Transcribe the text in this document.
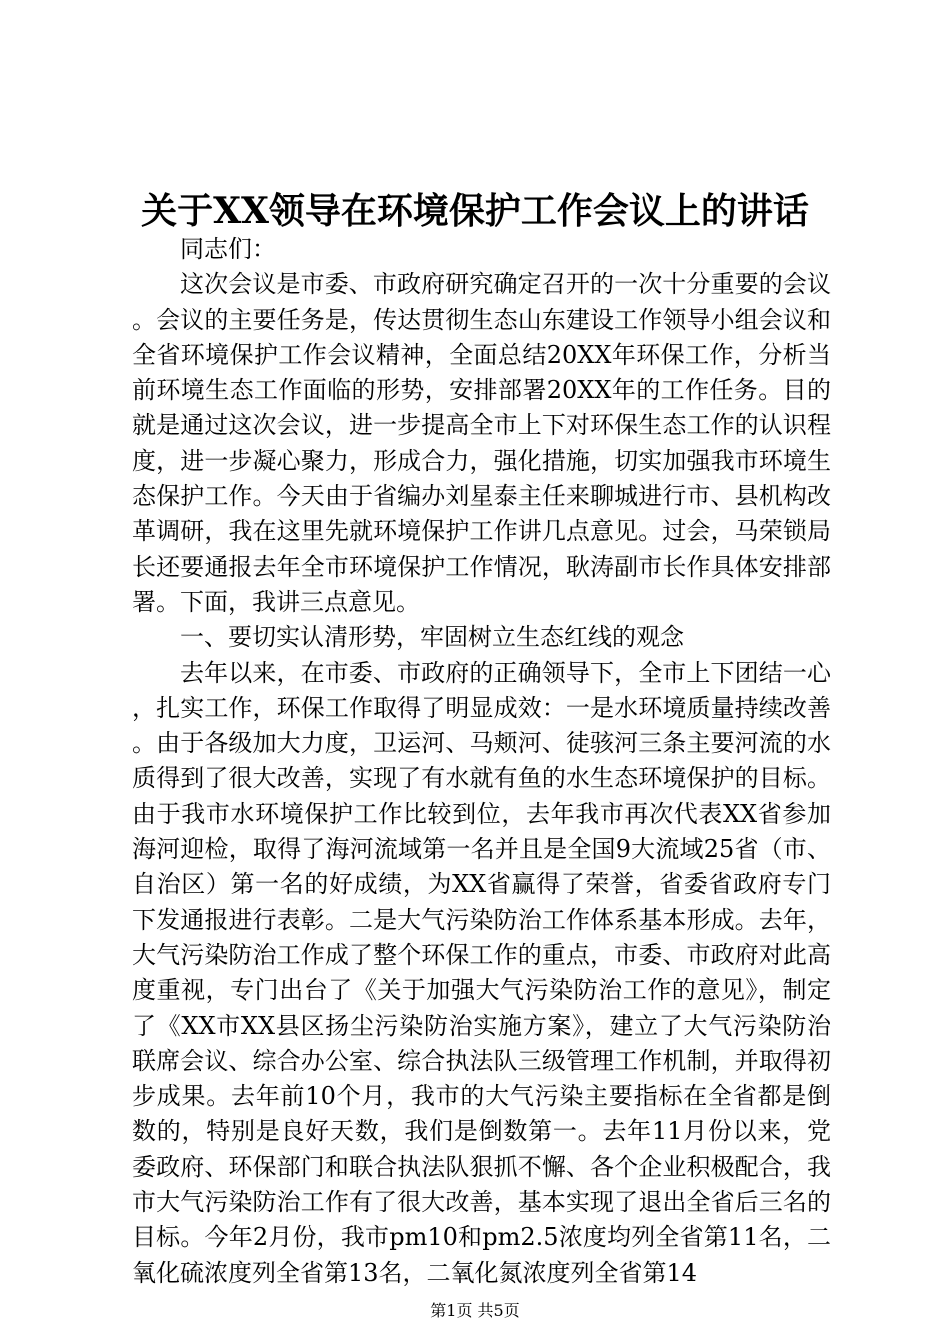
关于XX领导在环境保护工作会议上的讲话

同志们：

这次会议是市委、市政府研究确定召开的一次十分重要的会议。会议的主要任务是，传达贯彻生态山东建设工作领导小组会议和全省环境保护工作会议精神，全面总结20XX年环保工作，分析当前环境生态工作面临的形势，安排部署20XX年的工作任务。目的就是通过这次会议，进一步提高全市上下对环保生态工作的认识程度，进一步凝心聚力，形成合力，强化措施，切实加强我市环境生态保护工作。今天由于省编办刘星泰主任来聊城进行市、县机构改革调研，我在这里先就环境保护工作讲几点意见。过会，马荣锁局长还要通报去年全市环境保护工作情况，耿涛副市长作具体安排部署。下面，我讲三点意见。

一、要切实认清形势，牢固树立生态红线的观念

去年以来，在市委、市政府的正确领导下，全市上下团结一心，扎实工作，环保工作取得了明显成效：一是水环境质量持续改善。由于各级加大力度，卫运河、马颊河、徒骇河三条主要河流的水质得到了很大改善，实现了有水就有鱼的水生态环境保护的目标。由于我市水环境保护工作比较到位，去年我市再次代表XX省参加海河迎检，取得了海河流域第一名并且是全国9大流域25省（市、自治区）第一名的好成绩，为XX省赢得了荣誉，省委省政府专门下发通报进行表彰。二是大气污染防治工作体系基本形成。去年，大气污染防治工作成了整个环保工作的重点，市委、市政府对此高度重视，专门出台了《关于加强大气污染防治工作的意见》，制定了《XX市XX县区扬尘污染防治实施方案》，建立了大气污染防治联席会议、综合办公室、综合执法队三级管理工作机制，并取得初步成果。去年前10个月，我市的大气污染主要指标在全省都是倒数的，特别是良好天数，我们是倒数第一。去年11月份以来，党委政府、环保部门和联合执法队狠抓不懈、各个企业积极配合，我市大气污染防治工作有了很大改善，基本实现了退出全省后三名的目标。今年2月份，我市pm10和pm2.5浓度均列全省第11名，二氧化硫浓度列全省第13名，二氧化氮浓度列全省第14

第1页 共5页
